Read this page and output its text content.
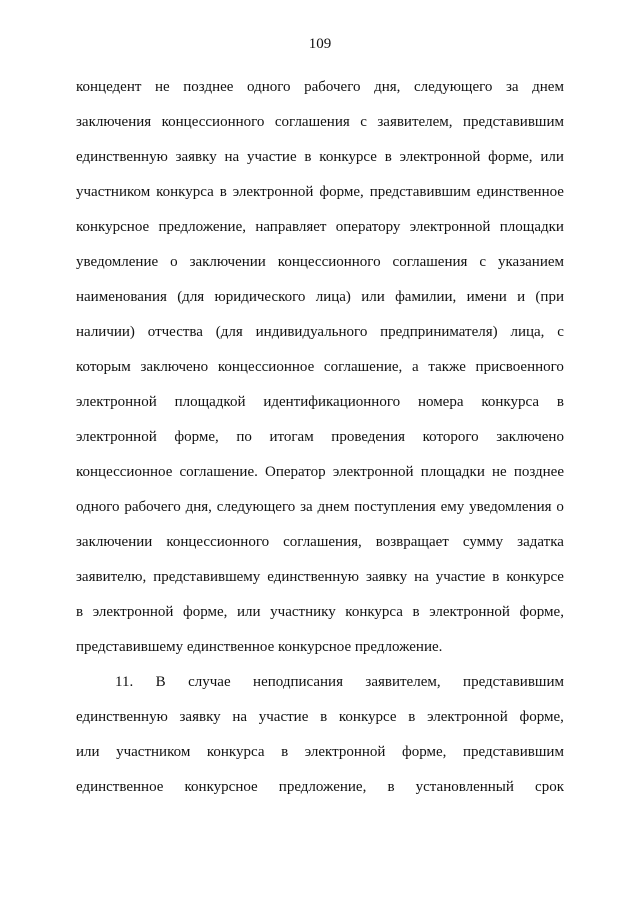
109
концедент не позднее одного рабочего дня, следующего за днем
заключения концессионного соглашения с заявителем, представившим
единственную заявку на участие в конкурсе в электронной форме, или
участником конкурса в электронной форме, представившим единственное
конкурсное предложение, направляет оператору электронной площадки
уведомление о заключении концессионного соглашения с указанием
наименования (для юридического лица) или фамилии, имени и (при
наличии) отчества (для индивидуального предпринимателя) лица, с
которым заключено концессионное соглашение, а также присвоенного
электронной площадкой идентификационного номера конкурса в
электронной форме, по итогам проведения которого заключено
концессионное соглашение. Оператор электронной площадки не позднее
одного рабочего дня, следующего за днем поступления ему уведомления о
заключении концессионного соглашения, возвращает сумму задатка
заявителю, представившему единственную заявку на участие в конкурсе
в электронной форме, или участнику конкурса в электронной форме,
представившему единственное конкурсное предложение.
11. В случае неподписания заявителем, представившим
единственную заявку на участие в конкурсе в электронной форме,
или участником конкурса в электронной форме, представившим
единственное конкурсное предложение, в установленный срок
